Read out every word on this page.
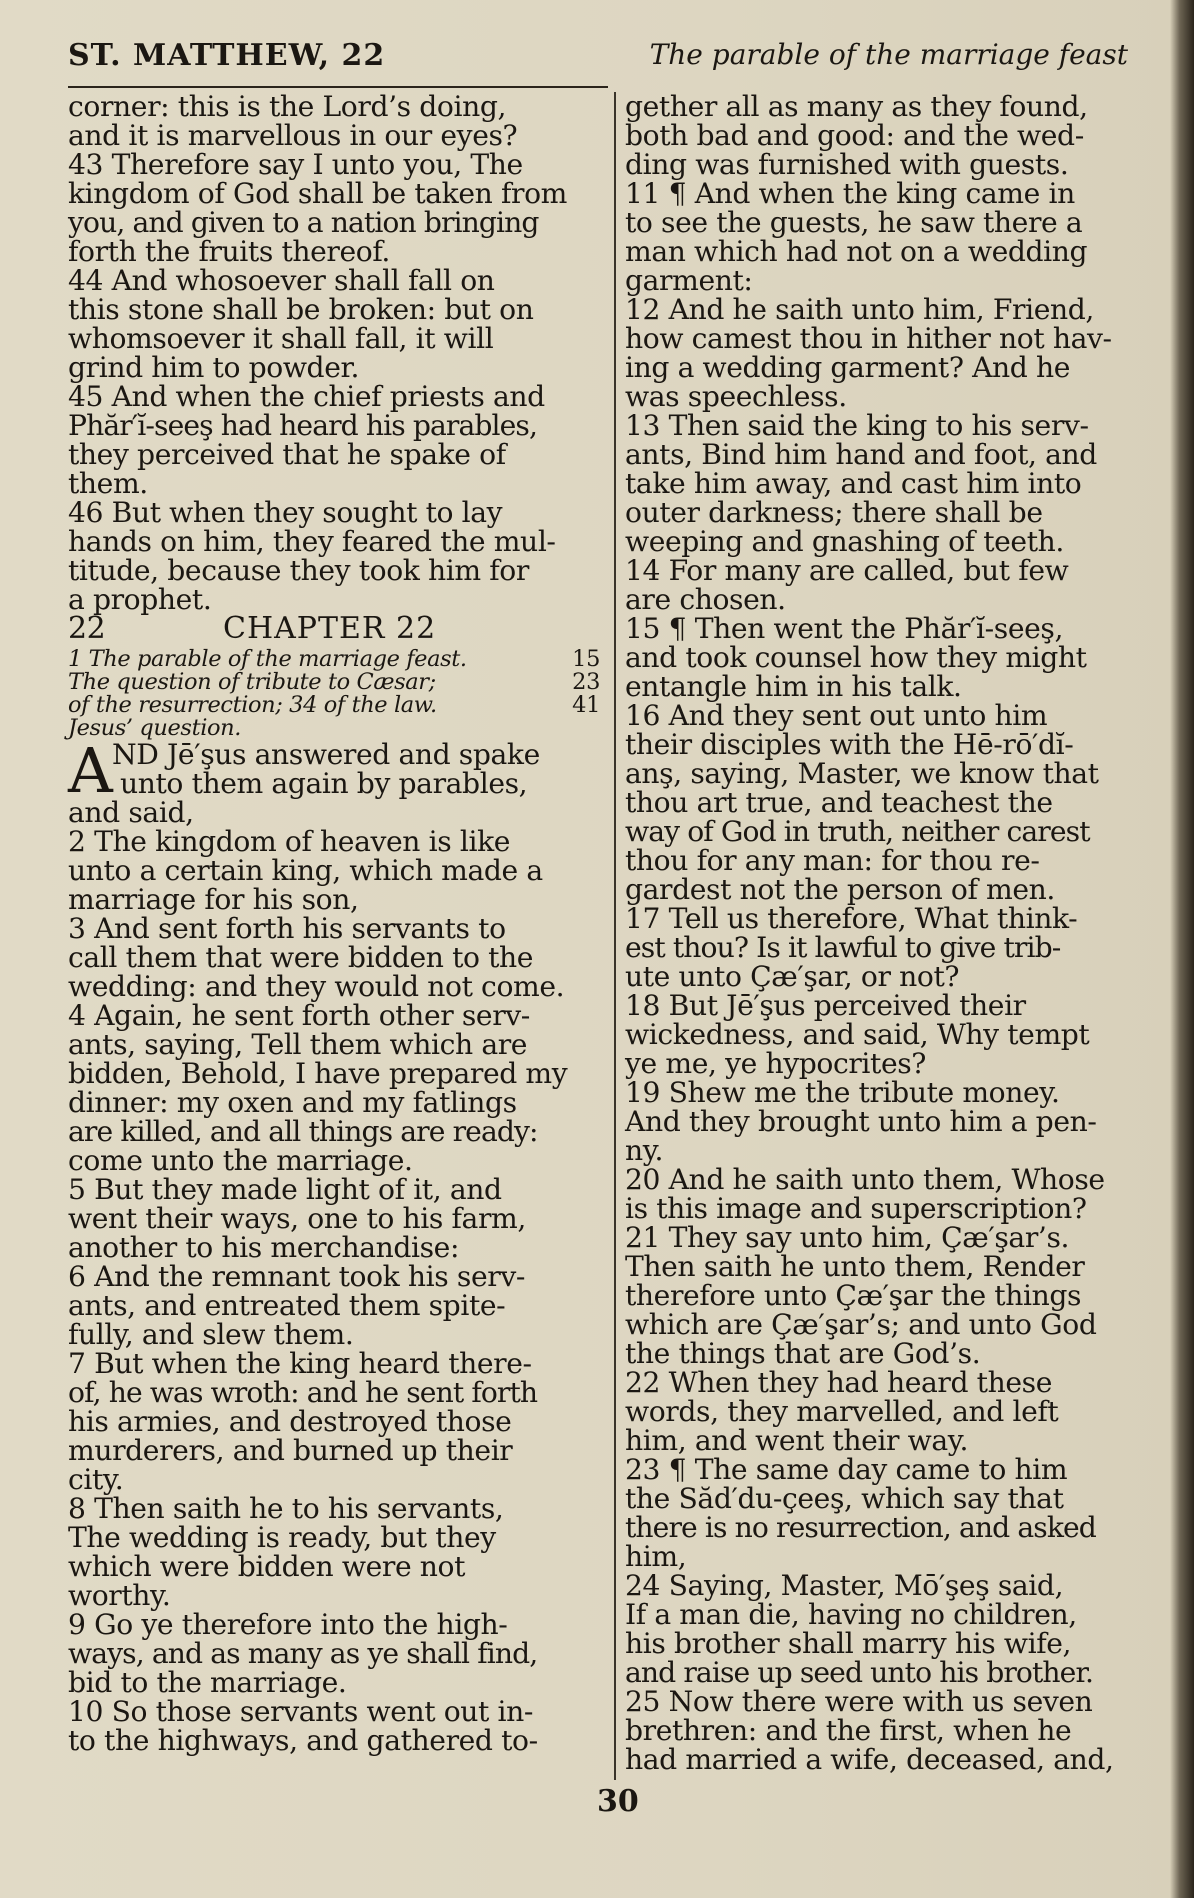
ST. MATTHEW, 22	The parable of the marriage feast
corner: this is the Lord’s doing,
and it is marvellous in our eyes?
43 Therefore say I unto you, The
kingdom of God shall be taken from
you, and given to a nation bringing
forth the fruits thereof.
44 And whosoever shall fall on
this stone shall be broken: but on
whomsoever it shall fall, it will
grind him to powder.
45 And when the chief priests and
Phăr′ĭ-seeş had heard his parables,
they perceived that he spake of
them.
46 But when they sought to lay
hands on him, they feared the mul-
titude, because they took him for
a prophet.
22	CHAPTER 22
1 The parable of the marriage feast.	15
The question of tribute to Cæsar;	23
of the resurrection; 34 of the law.	41
Jesus’ question.
A ND Jē′şus answered and spake
unto them again by parables,
and said,
2 The kingdom of heaven is like
unto a certain king, which made a
marriage for his son,
3 And sent forth his servants to
call them that were bidden to the
wedding: and they would not come.
4 Again, he sent forth other serv-
ants, saying, Tell them which are
bidden, Behold, I have prepared my
dinner: my oxen and my fatlings
are killed, and all things are ready:
come unto the marriage.
5 But they made light of it, and
went their ways, one to his farm,
another to his merchandise:
6 And the remnant took his serv-
ants, and entreated them spite-
fully, and slew them.
7 But when the king heard there-
of, he was wroth: and he sent forth
his armies, and destroyed those
murderers, and burned up their
city.
8 Then saith he to his servants,
The wedding is ready, but they
which were bidden were not
worthy.
9 Go ye therefore into the high-
ways, and as many as ye shall find,
bid to the marriage.
10 So those servants went out in-
to the highways, and gathered to-
gether all as many as they found,
both bad and good: and the wed-
ding was furnished with guests.
11 ¶ And when the king came in
to see the guests, he saw there a
man which had not on a wedding
garment:
12 And he saith unto him, Friend,
how camest thou in hither not hav-
ing a wedding garment? And he
was speechless.
13 Then said the king to his serv-
ants, Bind him hand and foot, and
take him away, and cast him into
outer darkness; there shall be
weeping and gnashing of teeth.
14 For many are called, but few
are chosen.
15 ¶ Then went the Phăr′ĭ-seeş,
and took counsel how they might
entangle him in his talk.
16 And they sent out unto him
their disciples with the Hē-rō′dĭ-
anş, saying, Master, we know that
thou art true, and teachest the
way of God in truth, neither carest
thou for any man: for thou re-
gardest not the person of men.
17 Tell us therefore, What think-
est thou? Is it lawful to give trib-
ute unto Çæ′şar, or not?
18 But Jē′şus perceived their
wickedness, and said, Why tempt
ye me, ye hypocrites?
19 Shew me the tribute money.
And they brought unto him a pen-
ny.
20 And he saith unto them, Whose
is this image and superscription?
21 They say unto him, Çæ′şar’s.
Then saith he unto them, Render
therefore unto Çæ′şar the things
which are Çæ′şar’s; and unto God
the things that are God’s.
22 When they had heard these
words, they marvelled, and left
him, and went their way.
23 ¶ The same day came to him
the Săd′du-çeeş, which say that
there is no resurrection, and asked
him,
24 Saying, Master, Mō′şeş said,
If a man die, having no children,
his brother shall marry his wife,
and raise up seed unto his brother.
25 Now there were with us seven
brethren: and the first, when he
had married a wife, deceased, and,
30
